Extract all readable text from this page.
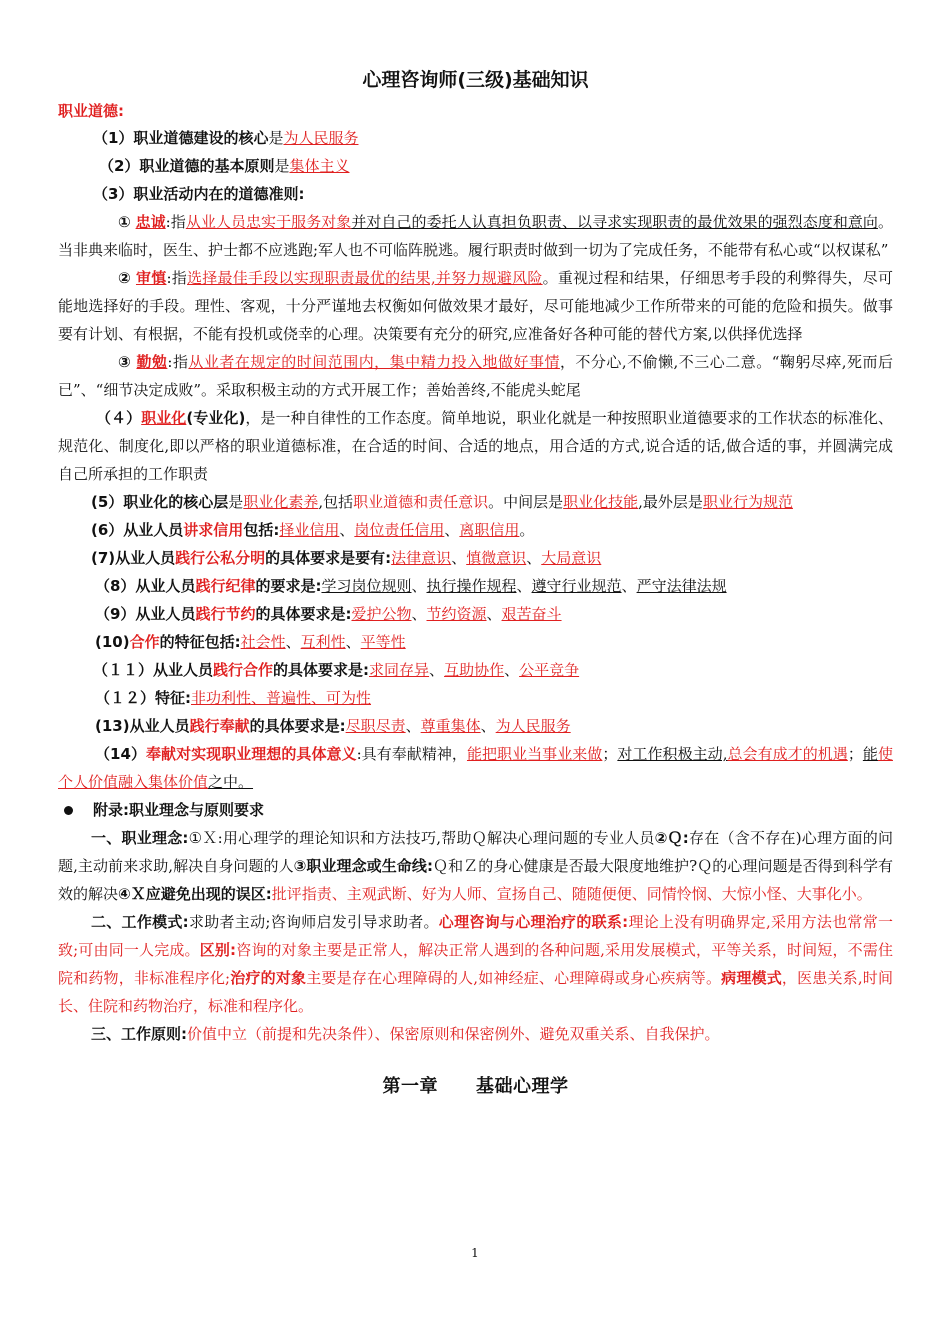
心理咨询师(三级)基础知识
职业道德:

（1）职业道德建设的核心是为人民服务

（2）职业道德的基本原则是集体主义

（3）职业活动内在的道德准则:

① 忠诚:指从业人员忠实于服务对象并对自己的委托人认真担负职责、以寻求实现职责的最优效果的强烈态度和意向。当非典来临时，医生、护士都不应逃跑;军人也不可临阵脱逃。履行职责时做到一切为了完成任务，不能带有私心或“以权谋私”

② 审慎:指选择最佳手段以实现职责最优的结果,并努力规避风险。重视过程和结果，仔细思考手段的利弊得失，尽可能地选择好的手段。理性、客观，十分严谨地去权衡如何做效果才最好，尽可能地减少工作所带来的可能的危险和损失。做事要有计划、有根据，不能有投机或侥幸的心理。决策要有充分的研究,应准备好各种可能的替代方案,以供择优选择

③ 勤勉:指从业者在规定的时间范围内，集中精力投入地做好事情，不分心,不偷懒,不三心二意。“鞠躬尽瘁,死而后已”、“细节决定成败”。采取积极主动的方式开展工作；善始善终,不能虎头蛇尾

（４）职业化(专业化)，是一种自律性的工作态度。简单地说，职业化就是一种按照职业道德要求的工作状态的标准化、规范化、制度化,即以严格的职业道德标准，在合适的时间、合适的地点，用合适的方式,说合适的话,做合适的事，并圆满完成自己所承担的工作职责

(5）职业化的核心层是职业化素养,包括职业道德和责任意识。中间层是职业化技能,最外层是职业行为规范

(6）从业人员讲求信用包括:择业信用、岗位责任信用、离职信用。

(7)从业人员践行公私分明的具体要求是要有:法律意识、慎微意识、大局意识

（8）从业人员践行纪律的要求是:学习岗位规则、执行操作规程、遵守行业规范、严守法律法规

（9）从业人员践行节约的具体要求是:爱护公物、节约资源、艰苦奋斗

(10)合作的特征包括:社会性、互利性、平等性

（１１）从业人员践行合作的具体要求是:求同存异、互助协作、公平竞争

（１２）特征:非功利性、普遍性、可为性

(13)从业人员践行奉献的具体要求是:尽职尽责、尊重集体、为人民服务

（14）奉献对实现职业理想的具体意义:具有奉献精神，能把职业当事业来做；对工作积极主动,总会有成才的机遇；能使个人价值融入集体价值之中。

附录:职业理念与原则要求

一、职业理念:①Ｘ:用心理学的理论知识和方法技巧,帮助Ｑ解决心理问题的专业人员②Ｑ:存在（含不存在)心理方面的问题,主动前来求助,解决自身问题的人③职业理念或生命线:Ｑ和Ｚ的身心健康是否最大限度地维护?Ｑ的心理问题是否得到科学有效的解决④Ｘ应避免出现的误区:批评指责、主观武断、好为人师、宣扬自己、随随便便、同情怜悯、大惊小怪、大事化小。

二、工作模式:求助者主动;咨询师启发引导求助者。心理咨询与心理治疗的联系:理论上没有明确界定,采用方法也常常一致;可由同一人完成。区别:咨询的对象主要是正常人，解决正常人遇到的各种问题,采用发展模式，平等关系，时间短，不需住院和药物，非标准程序化;治疗的对象主要是存在心理障碍的人,如神经症、心理障碍或身心疾病等。病理模式，医患关系,时间长、住院和药物治疗，标准和程序化。

三、工作原则:价值中立（前提和先决条件）、保密原则和保密例外、避免双重关系、自我保护。

第一章 基础心理学
1
